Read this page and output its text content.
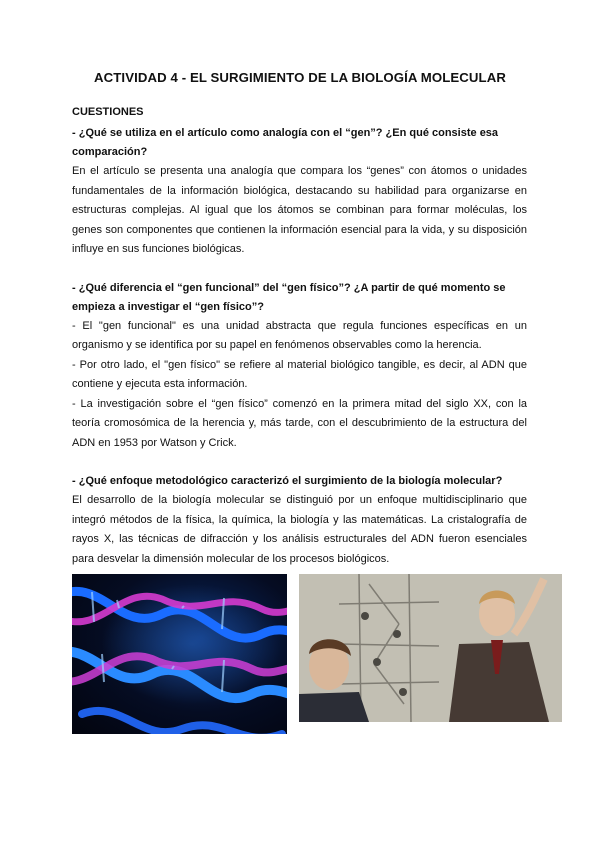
ACTIVIDAD 4 - EL SURGIMIENTO DE LA BIOLOGÍA MOLECULAR
CUESTIONES

- ¿Qué se utiliza en el artículo como analogía con el “gen”? ¿En qué consiste esa comparación?

En el artículo se presenta una analogía que compara los “genes” con átomos o unidades fundamentales de la información biológica, destacando su habilidad para organizarse en estructuras complejas. Al igual que los átomos se combinan para formar moléculas, los genes son componentes que contienen la información esencial para la vida, y su disposición influye en sus funciones biológicas.

- ¿Qué diferencia el “gen funcional” del “gen físico”? ¿A partir de qué momento se empieza a investigar el “gen físico”?

- El "gen funcional" es una unidad abstracta que regula funciones específicas en un organismo y se identifica por su papel en fenómenos observables como la herencia.

- Por otro lado, el "gen físico" se refiere al material biológico tangible, es decir, al ADN que contiene y ejecuta esta información.

- La investigación sobre el “gen físico” comenzó en la primera mitad del siglo XX, con la teoría cromosómica de la herencia y, más tarde, con el descubrimiento de la estructura del ADN en 1953 por Watson y Crick.

- ¿Qué enfoque metodológico caracterizó el surgimiento de la biología molecular?

El desarrollo de la biología molecular se distinguió por un enfoque multidisciplinario que integró métodos de la física, la química, la biología y las matemáticas. La cristalografía de rayos X, las técnicas de difracción y los análisis estructurales del ADN fueron esenciales para desvelar la dimensión molecular de los procesos biológicos.
